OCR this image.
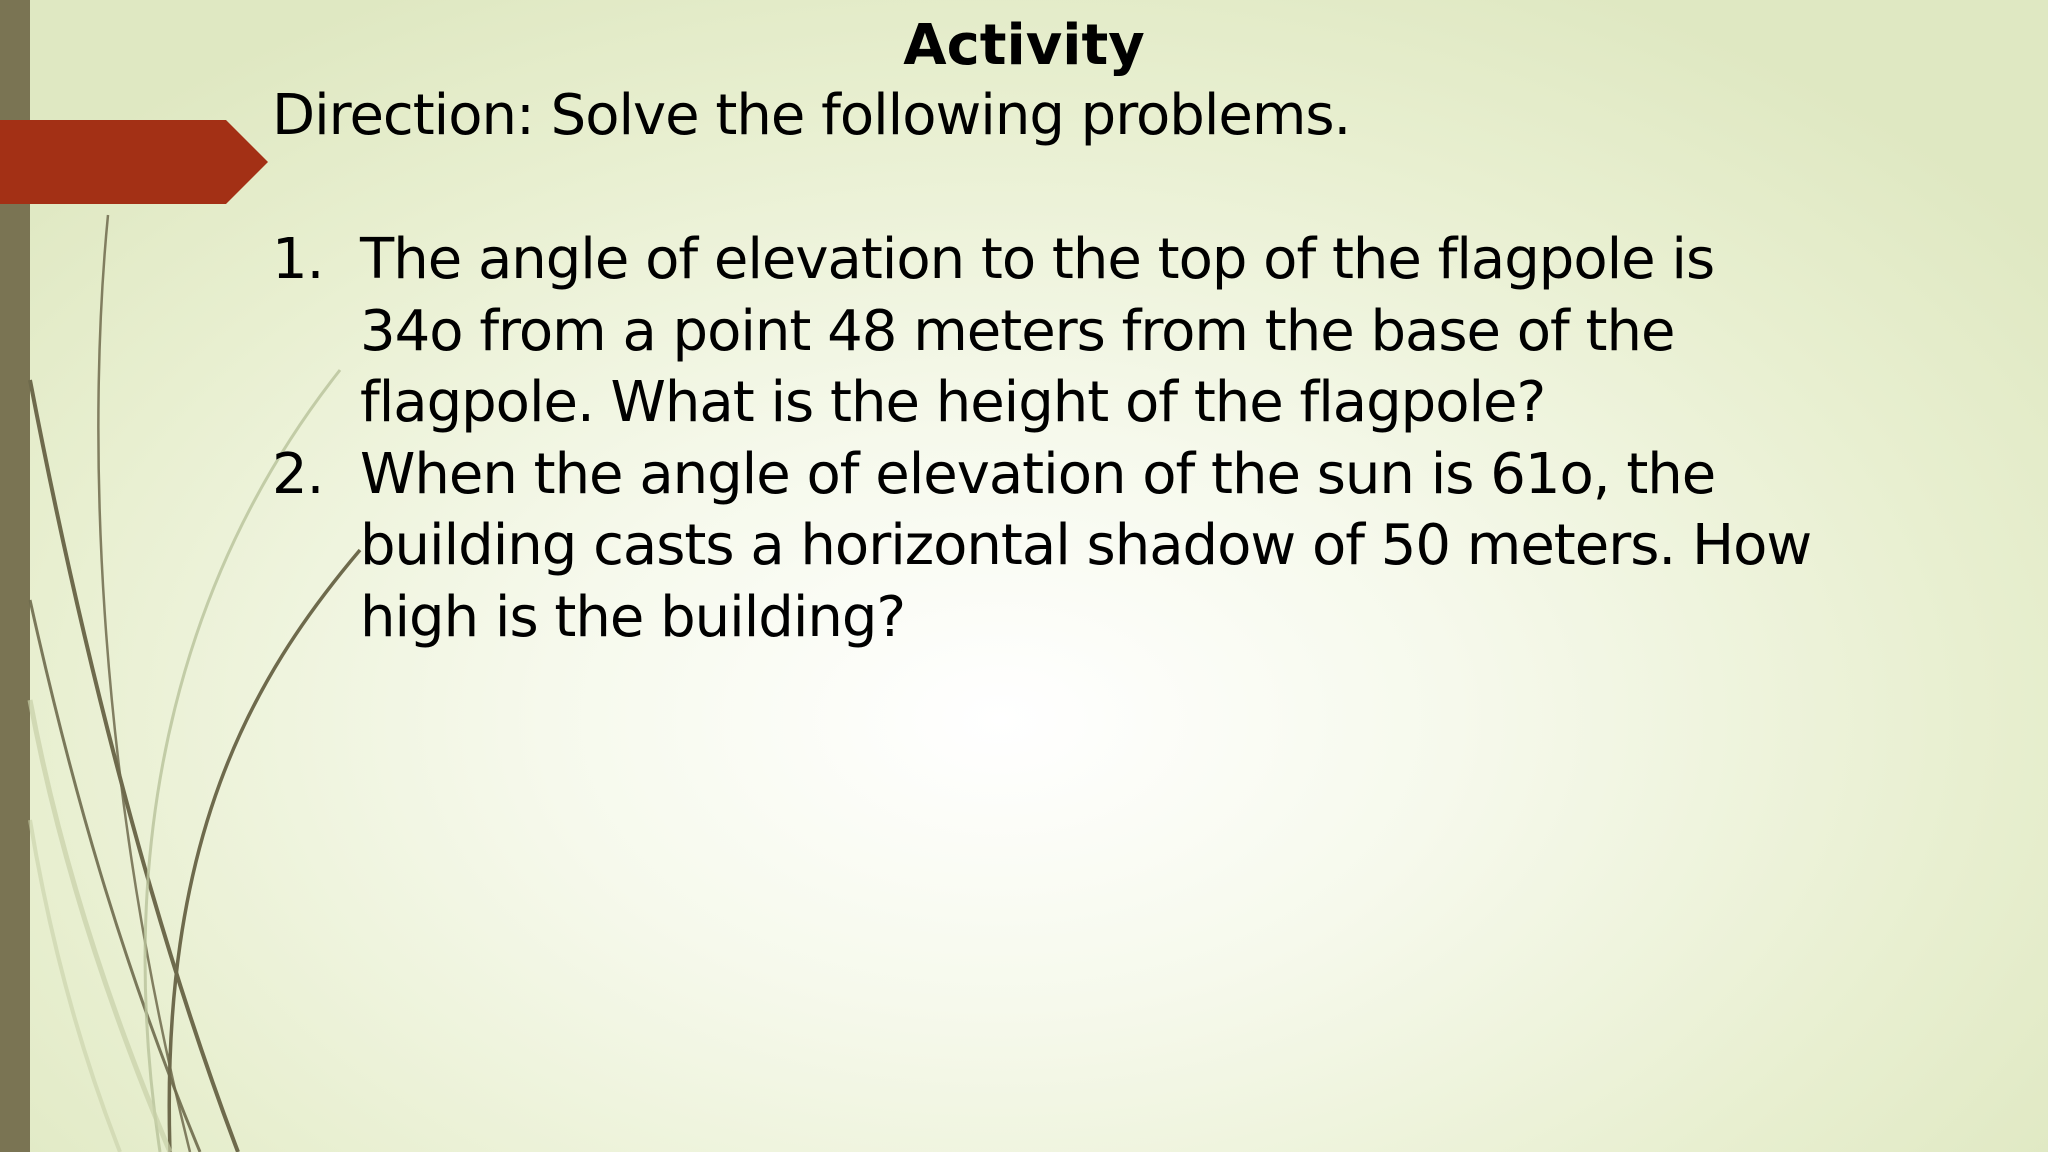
Activity
Direction: Solve the following problems.
1. The angle of elevation to the top of the flagpole is
34o from a point 48 meters from the base of the
flagpole. What is the height of the flagpole?
2. When the angle of elevation of the sun is 61o, the
building casts a horizontal shadow of 50 meters. How
high is the building?
